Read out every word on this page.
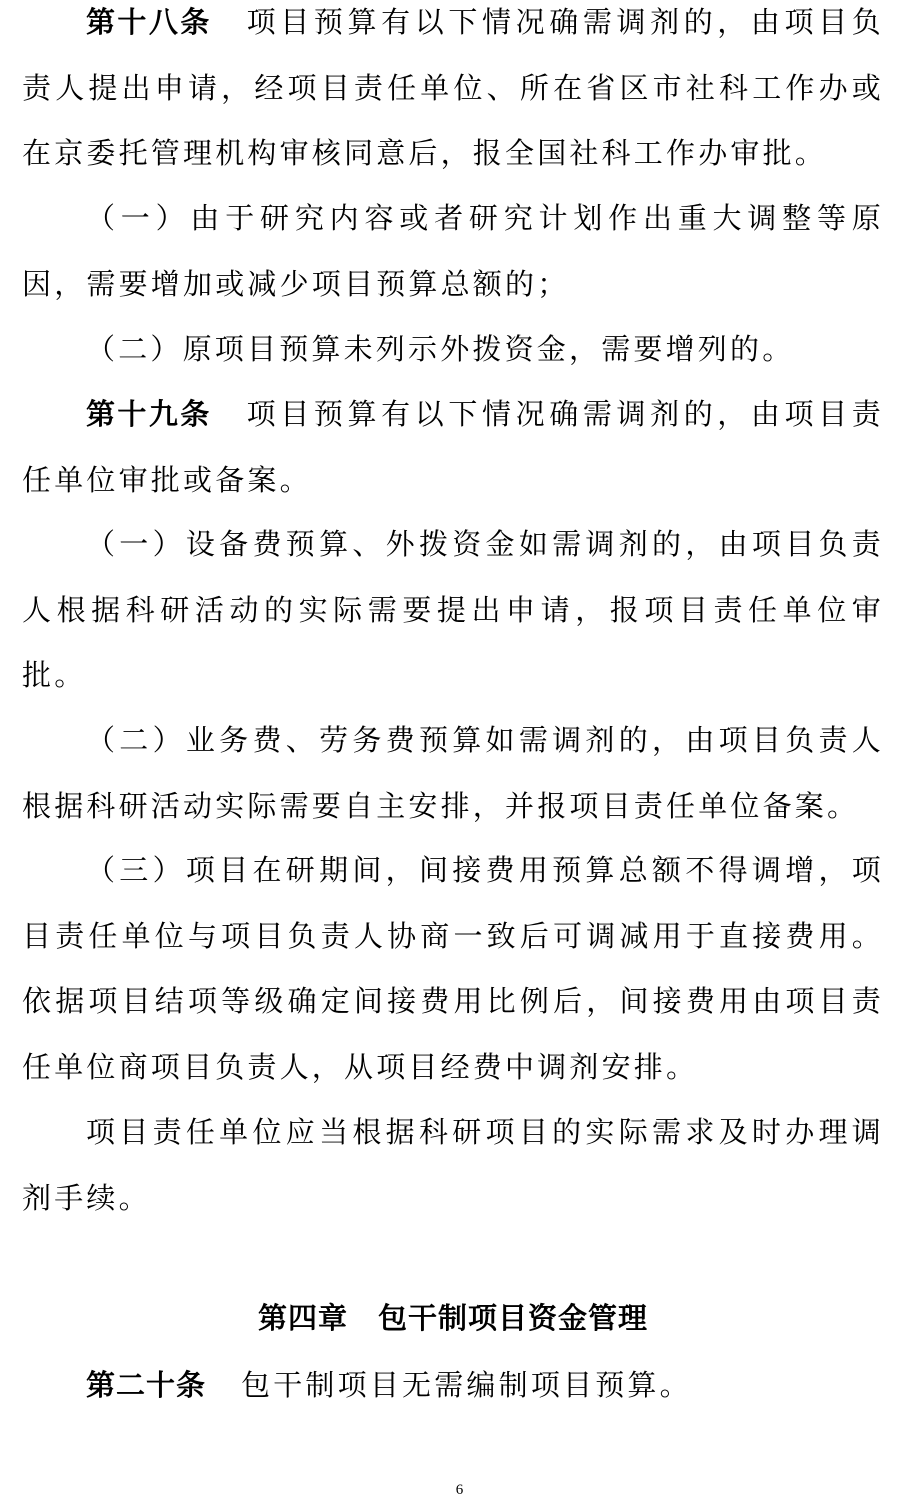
第十八条 项目预算有以下情况确需调剂的，由项目负责人提出申请，经项目责任单位、所在省区市社科工作办或在京委托管理机构审核同意后，报全国社科工作办审批。

（一）由于研究内容或者研究计划作出重大调整等原因，需要增加或减少项目预算总额的；

（二）原项目预算未列示外拨资金，需要增列的。

第十九条 项目预算有以下情况确需调剂的，由项目责任单位审批或备案。

（一）设备费预算、外拨资金如需调剂的，由项目负责人根据科研活动的实际需要提出申请，报项目责任单位审批。

（二）业务费、劳务费预算如需调剂的，由项目负责人根据科研活动实际需要自主安排，并报项目责任单位备案。

（三）项目在研期间，间接费用预算总额不得调增，项目责任单位与项目负责人协商一致后可调减用于直接费用。依据项目结项等级确定间接费用比例后，间接费用由项目责任单位商项目负责人，从项目经费中调剂安排。

项目责任单位应当根据科研项目的实际需求及时办理调剂手续。

第四章 包干制项目资金管理

第二十条 包干制项目无需编制项目预算。

6
